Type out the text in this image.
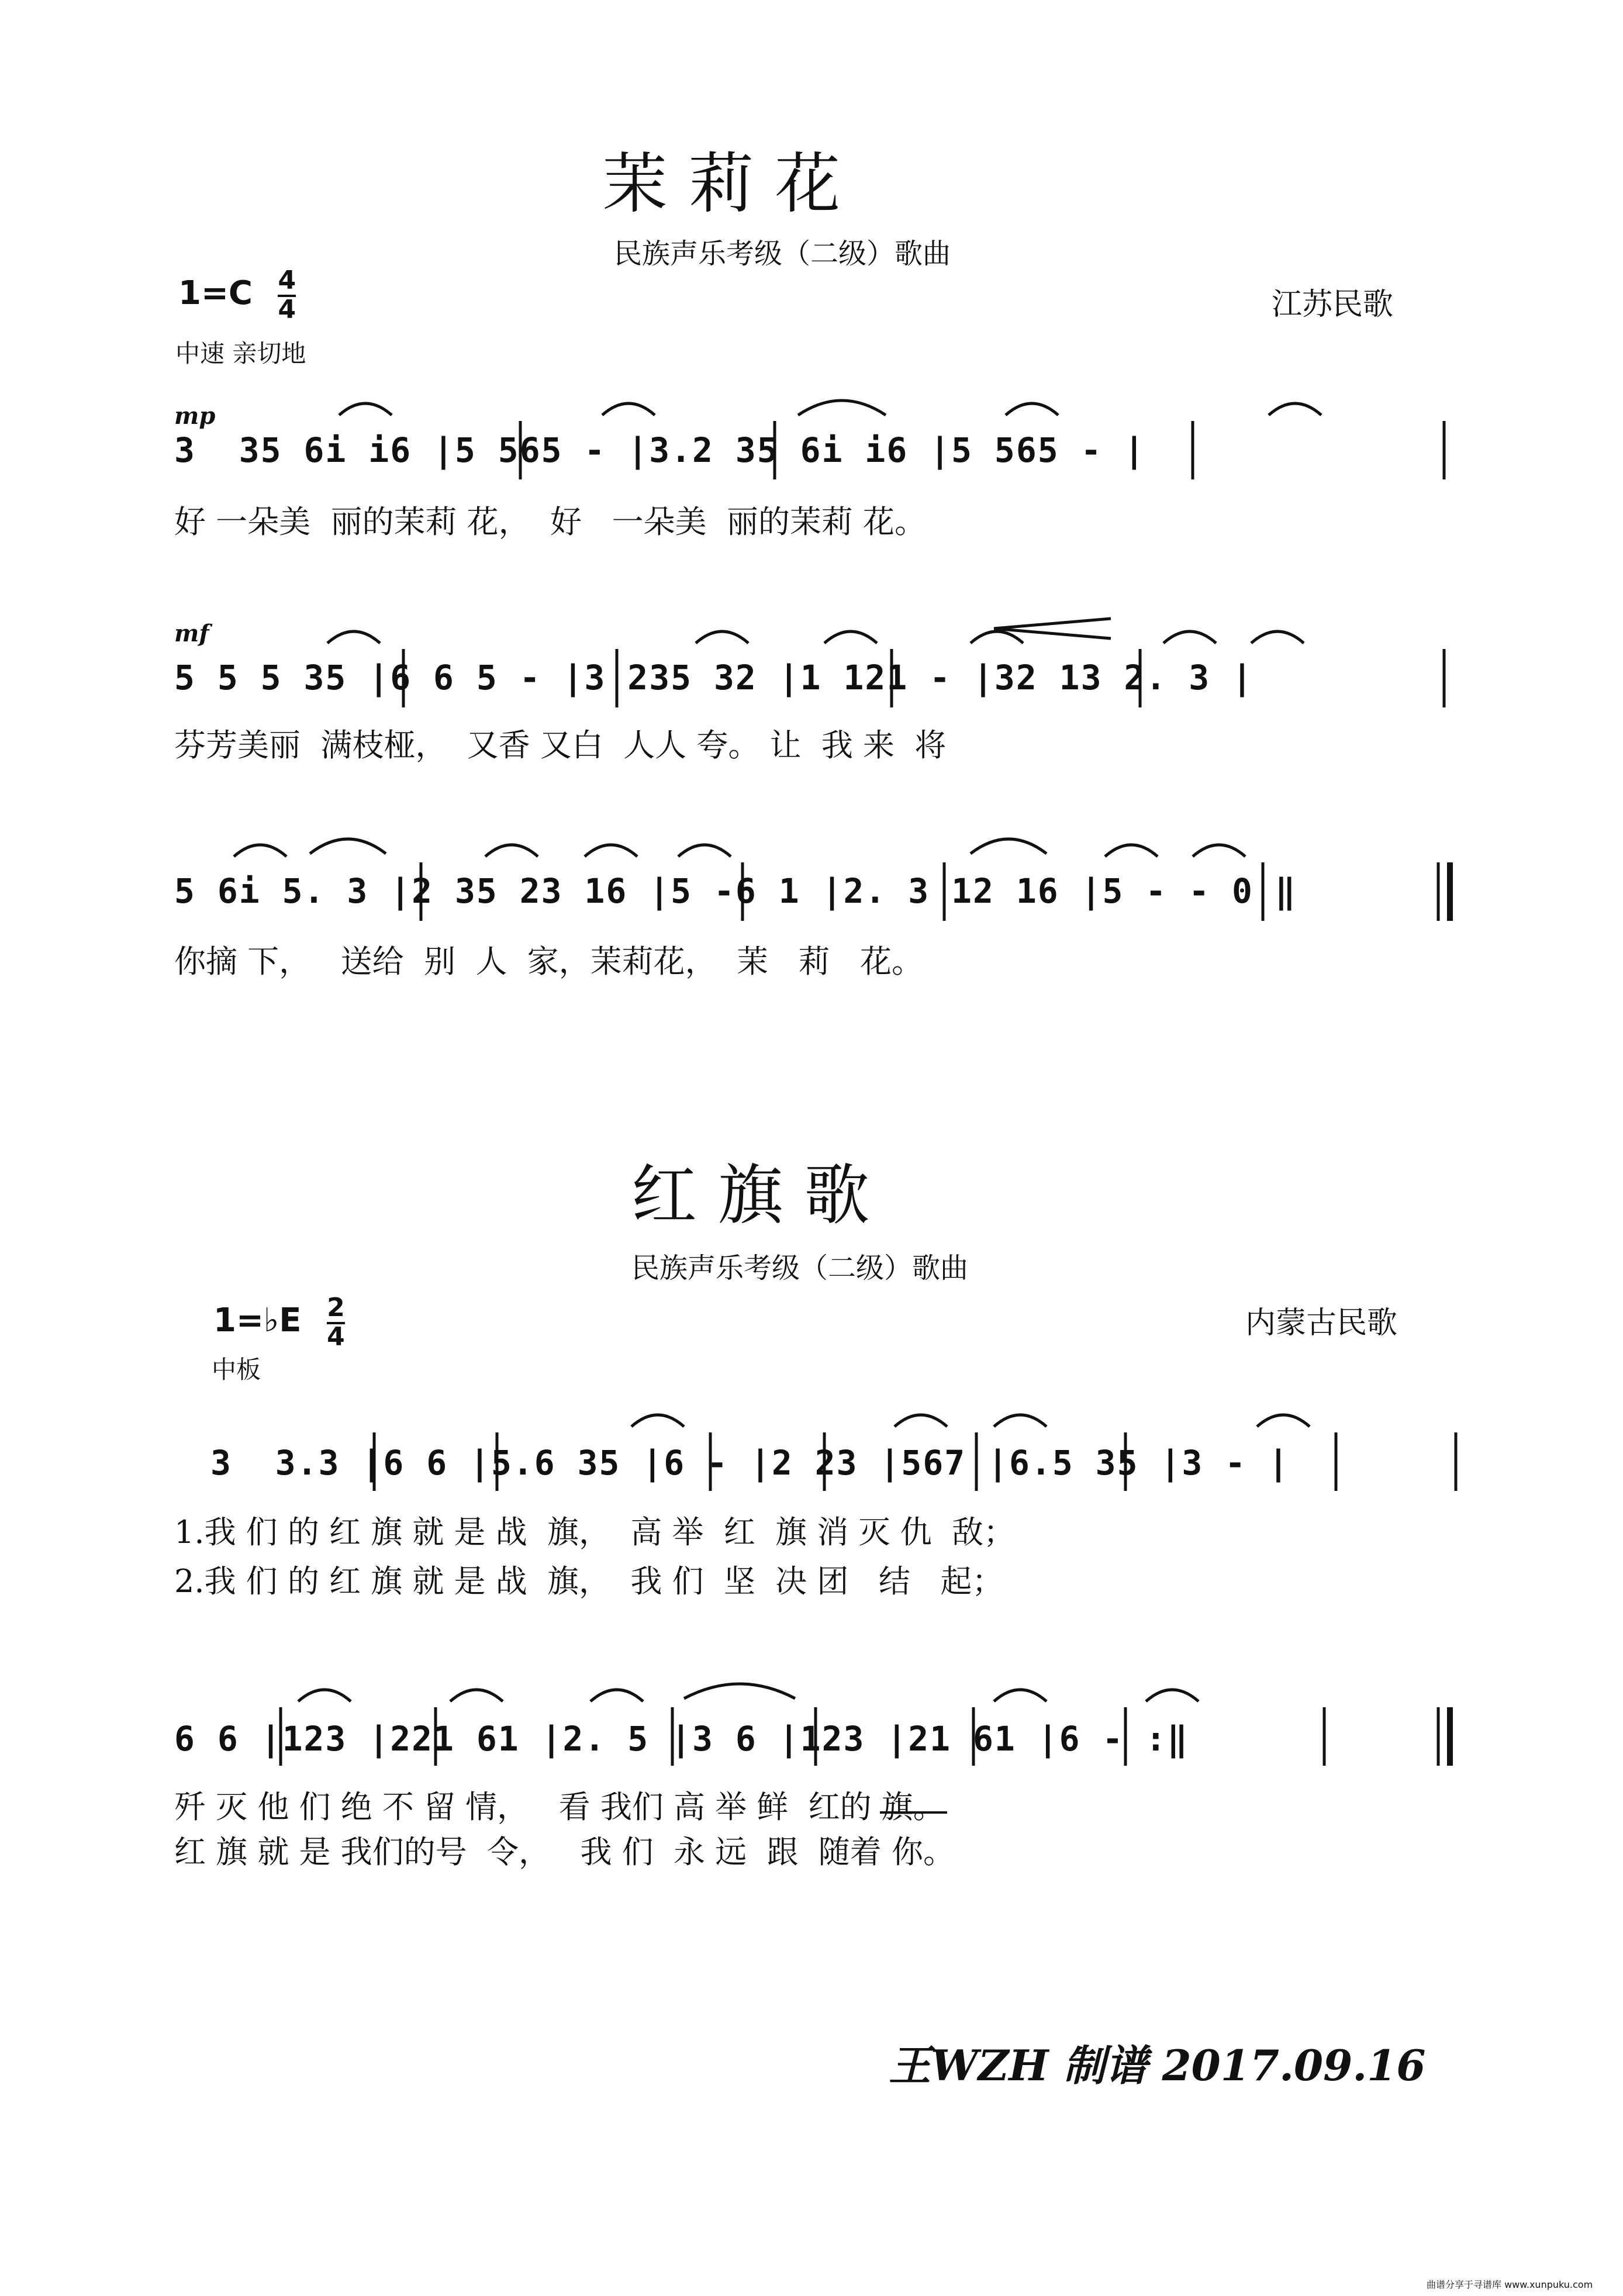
茉 莉 花
民族声乐考级（二级）歌曲
$1=C \frac{4}{4}$	江苏民歌
中速 亲切地
mp
3  35 6i i6 |5 565 - |3.2 35 6i i6 |5 565 - |
好 一朵美  丽的茉莉 花，  好   一朵美  丽的茉莉 花。
mf
5 5 5 35 |6 6 5 - |3 235 32 |1 121 - |32 13 2. 3 |
芬芳美丽  满枝桠，  又香 又白  人人 夸。 让  我 来  将
5 6i 5. 3 |2 35 23 16 |5 -6 1 |2. 3 12 16 |5 - - 0 ‖
你摘 下，   送给  别  人  家，茉莉花，  茉   莉   花。
红 旗 歌
民族声乐考级（二级）歌曲
1=♭E $\frac{2}{4}$	内蒙古民歌
中板
3  3.3 |6 6 |5.6 35 |6 - |2 23 |567 |6.5 35 |3 - |
1.我 们 的 红 旗 就 是 战  旗，  高 举  红  旗 消 灭 仇  敌；
2.我 们 的 红 旗 就 是 战  旗，  我 们  坚  决 团   结   起；
6 6 |123 |221 61 |2. 5 |3 6 |123 |21 61 |6 - :‖
歼 灭 他 们 绝 不 留 情，   看 我们 高 举 鲜  红的 旗。
红 旗 就 是 我们的号  令，   我 们  永 远  跟  随着 你。
王WZH 制谱 2017.09.16
曲谱分享于寻谱库 www.xunpuku.com
